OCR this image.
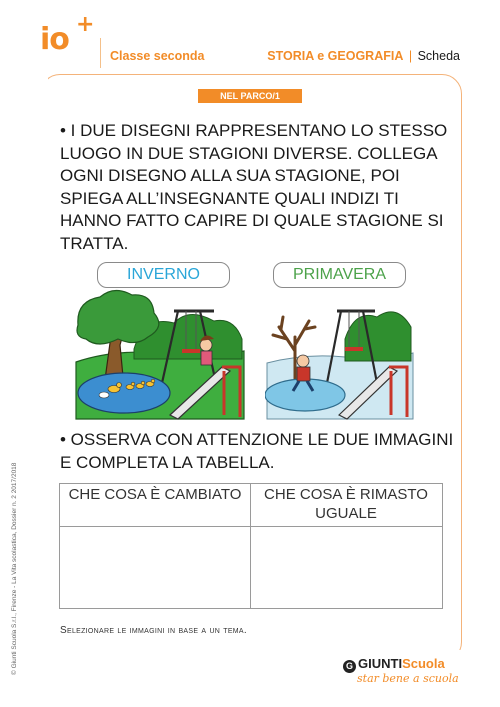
io +
Classe seconda	STORIA e GEOGRAFIA | Scheda
NEL PARCO/1
• I DUE DISEGNI RAPPRESENTANO LO STESSO LUOGO IN DUE STAGIONI DIVERSE. COLLEGA OGNI DISEGNO ALLA SUA STAGIONE, POI SPIEGA ALL’INSEGNANTE QUALI INDIZI TI HANNO FATTO CAPIRE DI QUALE STAGIONE SI TRATTA.
INVERNO	PRIMAVERA
• OSSERVA CON ATTENZIONE LE DUE IMMAGINI E COMPLETA LA TABELLA.
CHE COSA È CAMBIATO	CHE COSA È RIMASTO UGUALE
Selezionare le immagini in base a un tema.
© Giunti Scuola S.r.l., Firenze - La Vita scolastica, Dossier n. 2 2017/2018	G GIUNTIScuola
star bene a scuola
